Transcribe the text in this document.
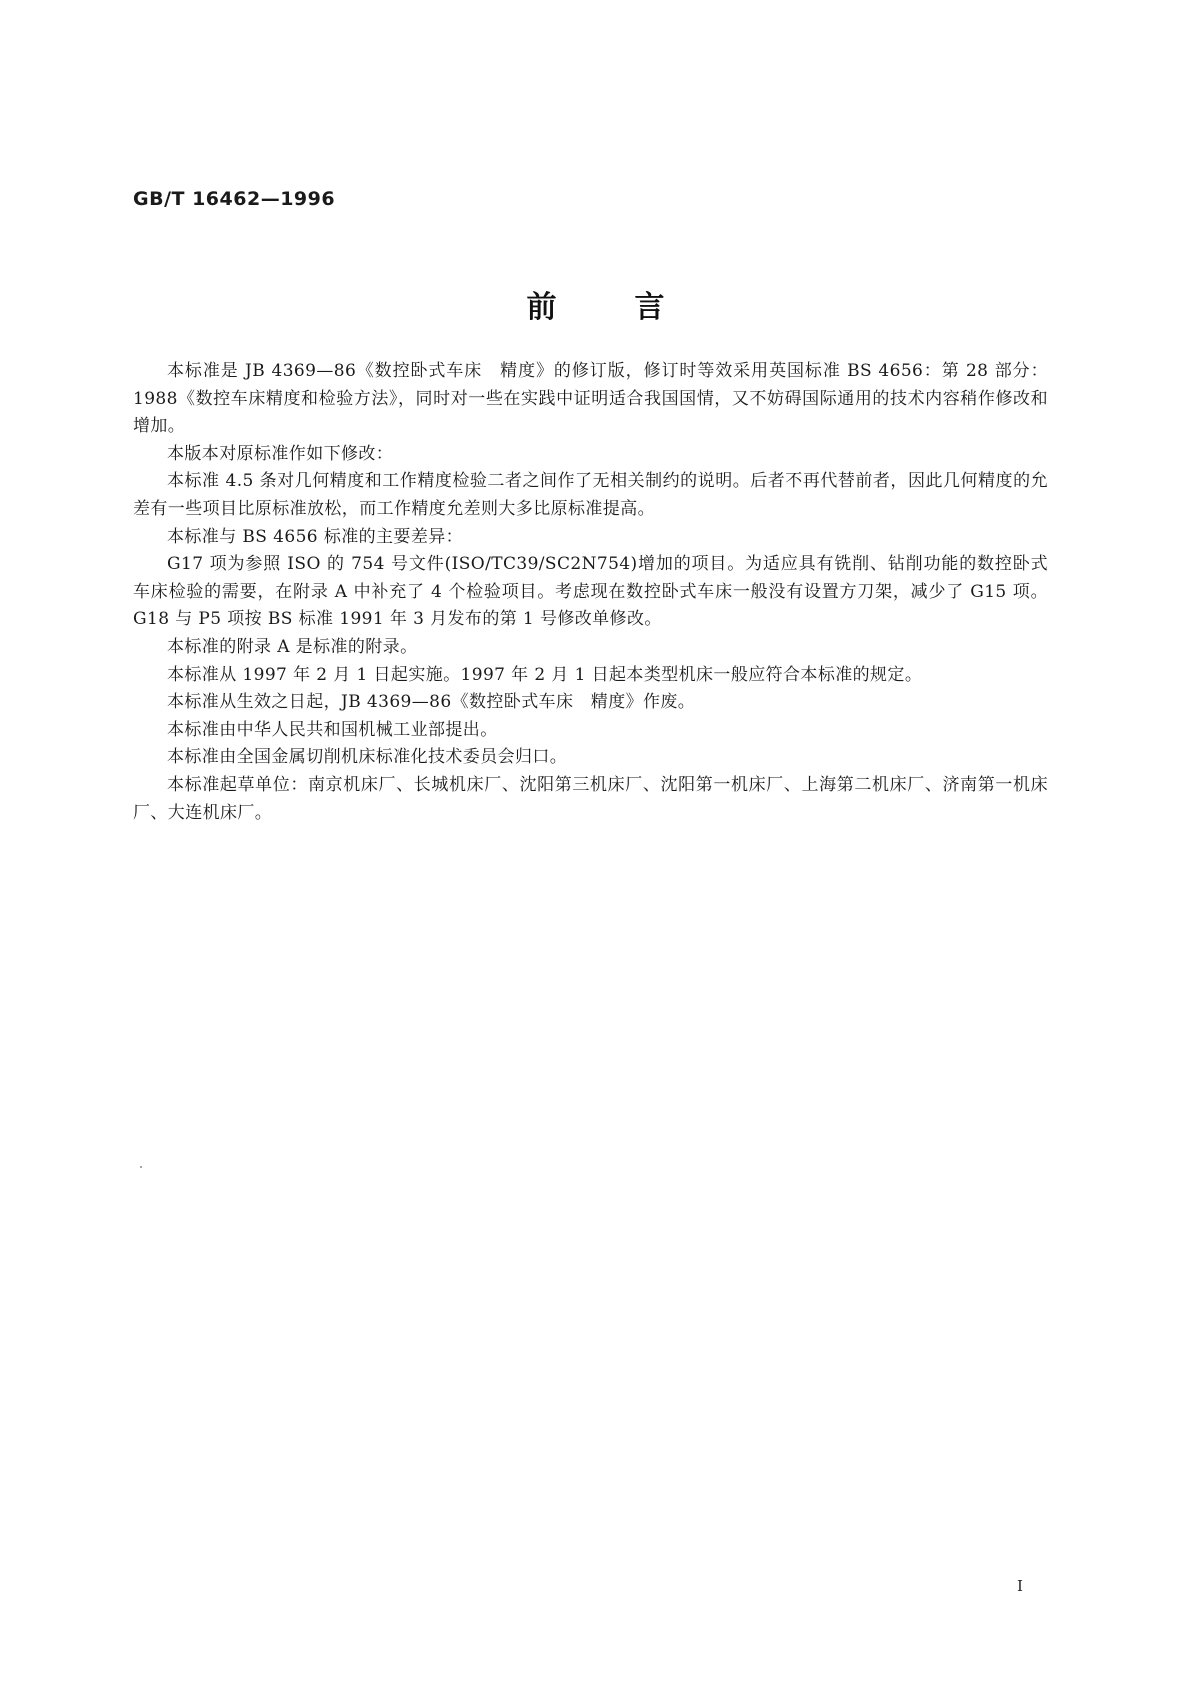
GB/T 16462—1996
前言

本标准是 JB 4369—86《数控卧式车床　精度》的修订版，修订时等效采用英国标准 BS 4656：第 28 部分：1988《数控车床精度和检验方法》，同时对一些在实践中证明适合我国国情，又不妨碍国际通用的技术内容稍作修改和增加。

本版本对原标准作如下修改：

本标准 4.5 条对几何精度和工作精度检验二者之间作了无相关制约的说明。后者不再代替前者，因此几何精度的允差有一些项目比原标准放松，而工作精度允差则大多比原标准提高。

本标准与 BS 4656 标准的主要差异：

G17 项为参照 ISO 的 754 号文件(ISO/TC39/SC2N754)增加的项目。为适应具有铣削、钻削功能的数控卧式车床检验的需要，在附录 A 中补充了 4 个检验项目。考虑现在数控卧式车床一般没有设置方刀架，减少了 G15 项。G18 与 P5 项按 BS 标准 1991 年 3 月发布的第 1 号修改单修改。

本标准的附录 A 是标准的附录。

本标准从 1997 年 2 月 1 日起实施。1997 年 2 月 1 日起本类型机床一般应符合本标准的规定。

本标准从生效之日起，JB 4369—86《数控卧式车床　精度》作废。

本标准由中华人民共和国机械工业部提出。

本标准由全国金属切削机床标准化技术委员会归口。

本标准起草单位：南京机床厂、长城机床厂、沈阳第三机床厂、沈阳第一机床厂、上海第二机床厂、济南第一机床厂、大连机床厂。

I
